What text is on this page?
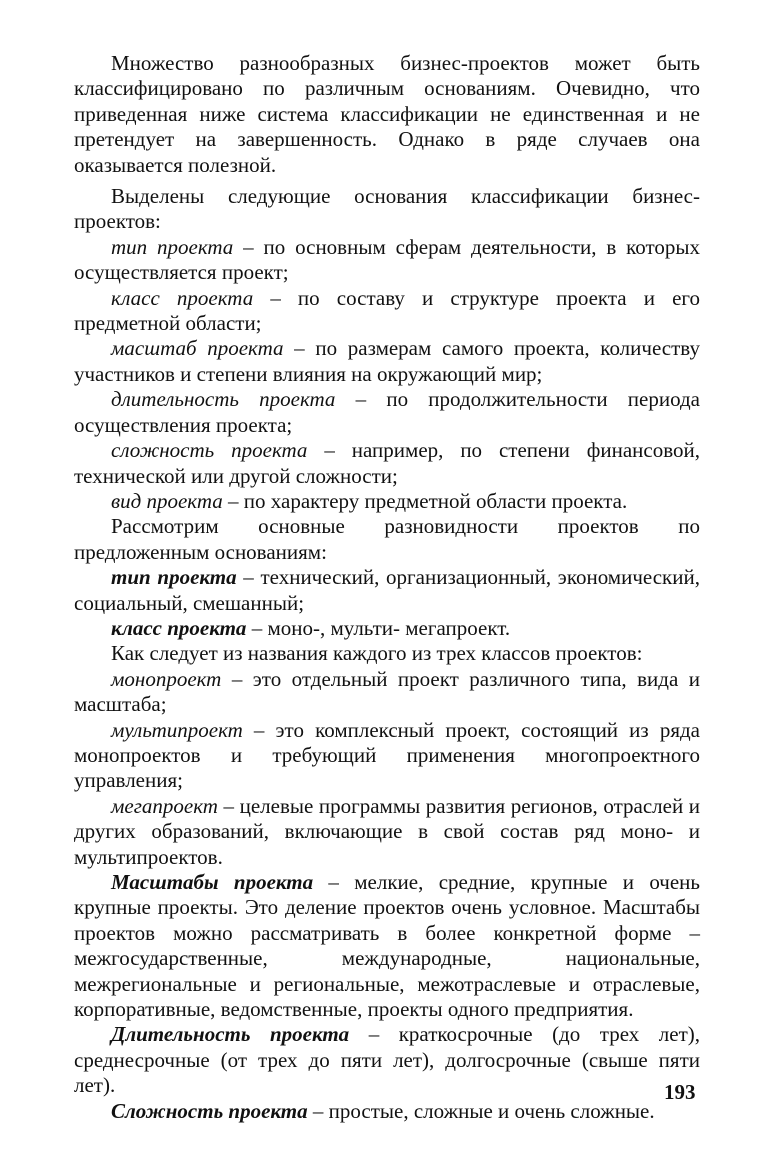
Множество разнообразных бизнес-проектов может быть классифицировано по различным основаниям. Очевидно, что приведенная ниже система классификации не единственная и не претендует на завершенность. Однако в ряде случаев она оказывается полезной.

Выделены следующие основания классификации бизнес-проектов:

тип проекта – по основным сферам деятельности, в которых осуществляется проект;

класс проекта – по составу и структуре проекта и его предметной области;

масштаб проекта – по размерам самого проекта, количеству участников и степени влияния на окружающий мир;

длительность проекта – по продолжительности периода осуществления проекта;

сложность проекта – например, по степени финансовой, технической или другой сложности;

вид проекта – по характеру предметной области проекта.

Рассмотрим основные разновидности проектов по предложенным основаниям:

тип проекта – технический, организационный, экономический, социальный, смешанный;

класс проекта – моно-, мульти- мегапроект.

Как следует из названия каждого из трех классов проектов:

монопроект – это отдельный проект различного типа, вида и масштаба;

мультипроект – это комплексный проект, состоящий из ряда монопроектов и требующий применения многопроектного управления;

мегапроект – целевые программы развития регионов, отраслей и других образований, включающие в свой состав ряд моно- и мультипроектов.

Масштабы проекта – мелкие, средние, крупные и очень крупные проекты. Это деление проектов очень условное. Масштабы проектов можно рассматривать в более конкретной форме – межгосударственные, международные, национальные, межрегиональные и региональные, межотраслевые и отраслевые, корпоративные, ведомственные, проекты одного предприятия.

Длительность проекта – краткосрочные (до трех лет), среднесрочные (от трех до пяти лет), долгосрочные (свыше пяти лет).

Сложность проекта – простые, сложные и очень сложные.

193
